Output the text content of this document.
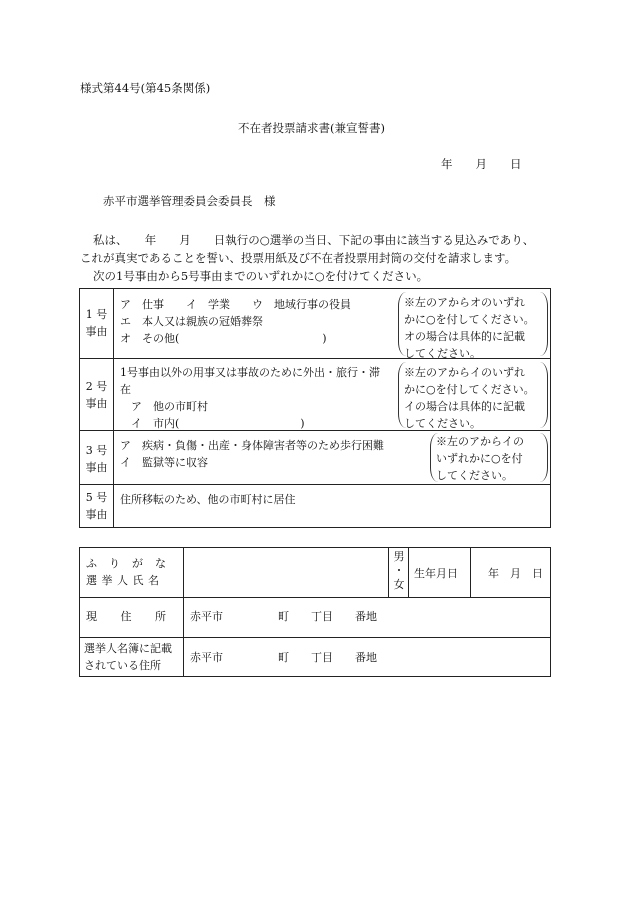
様式第44号(第45条関係)
不在者投票請求書(兼宣誓書)
年　　月　　日
赤平市選挙管理委員会委員長　様
私は、　　年　　月　　日執行の○選挙の当日、下記の事由に該当する見込みであり、
これが真実であることを誓い、投票用紙及び不在者投票用封筒の交付を請求します。
次の1号事由から5号事由までのいずれかに○を付けてください。
1 号
事由
ア　仕事　　イ　学業　　ウ　地域行事の役員
エ　本人又は親族の冠婚葬祭
オ　その他(　　　　　　　　　　　　　)
※左のアからオのいずれ
かに○を付してください。
オの場合は具体的に記載
してください。
2 号
事由
1号事由以外の用事又は事故のために外出・旅行・滞
在
　ア　他の市町村
　イ　市内(　　　　　　　　　　　)
※左のアからイのいずれ
かに○を付してください。
イの場合は具体的に記載
してください。
3 号
事由
ア　疾病・負傷・出産・身体障害者等のため歩行困難
イ　監獄等に収容
※左のアからイの
いずれかに○を付
してください。
5 号
事由
住所移転のため、他の市町村に居住
ふ　り　が　な
選 挙 人 氏 名
男
・
女
生年月日	年　月　日
現　　住　　所 赤平市　　　　　町　　丁目　　番地
選挙人名簿に記載
されている住所
赤平市　　　　　町　　丁目　　番地
